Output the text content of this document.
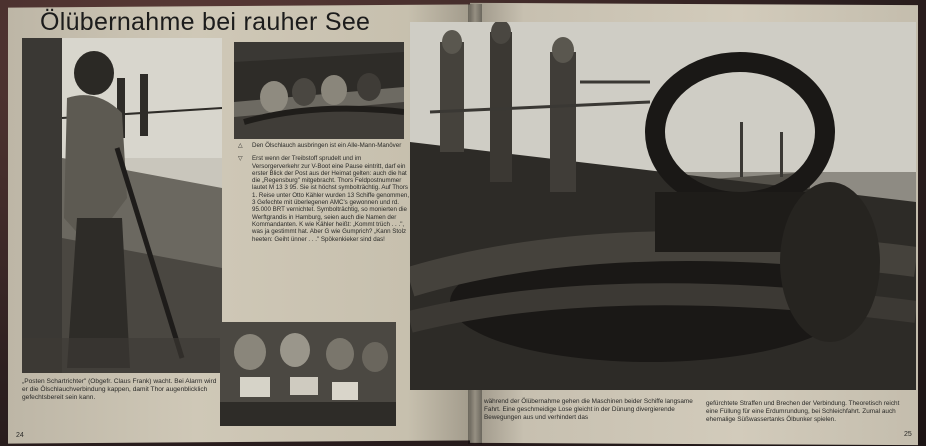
Ölübernahme bei rauher See
△	Den Ölschlauch ausbringen ist ein Alle-Mann-Manöver
▽	Erst wenn der Treibstoff sprudelt und im Versorgerverkehr zur V-Boot eine Pause eintritt, darf ein erster Blick der Post aus der Heimat gelten: auch die hat die „Regensburg" mitgebracht. Thors Feldpostnummer lautet M 13 3 95. Sie ist höchst symbolträchtig. Auf Thors 1. Reise unter Otto Kähler wurden 13 Schiffe genommen, 3 Gefechte mit überlegenen AMC's gewonnen und rd. 95.000 BRT vernichtet. Symbolträchtig, so monierten die Werftgrandis in Hamburg, seien auch die Namen der Kommandanten. K wie Kähler heißt: „Kommt trüch . . .", was ja gestimmt hat. Aber G wie Gumprich? „Kann Stolz heeten: Geiht ünner . . ." Spökenkieker sind das!
„Posten Schartrichter" (Obgefr. Claus Frank) wacht. Bei Alarm wird er die Ölschlauchverbindung kappen, damit Thor augenblicklich gefechtsbereit sein kann.
24
während der Ölübernahme gehen die Maschinen beider Schiffe langsame Fahrt. Eine geschmeidige Lose gleicht in der Dünung divergierende Bewegungen aus und verhindert das
gefürchtete Straffen und Brechen der Verbindung. Theoretisch reicht eine Füllung für eine Erdumrundung, bei Schleichfahrt. Zumal auch ehemalige Süßwassertanks Ölbunker spielen.
25
